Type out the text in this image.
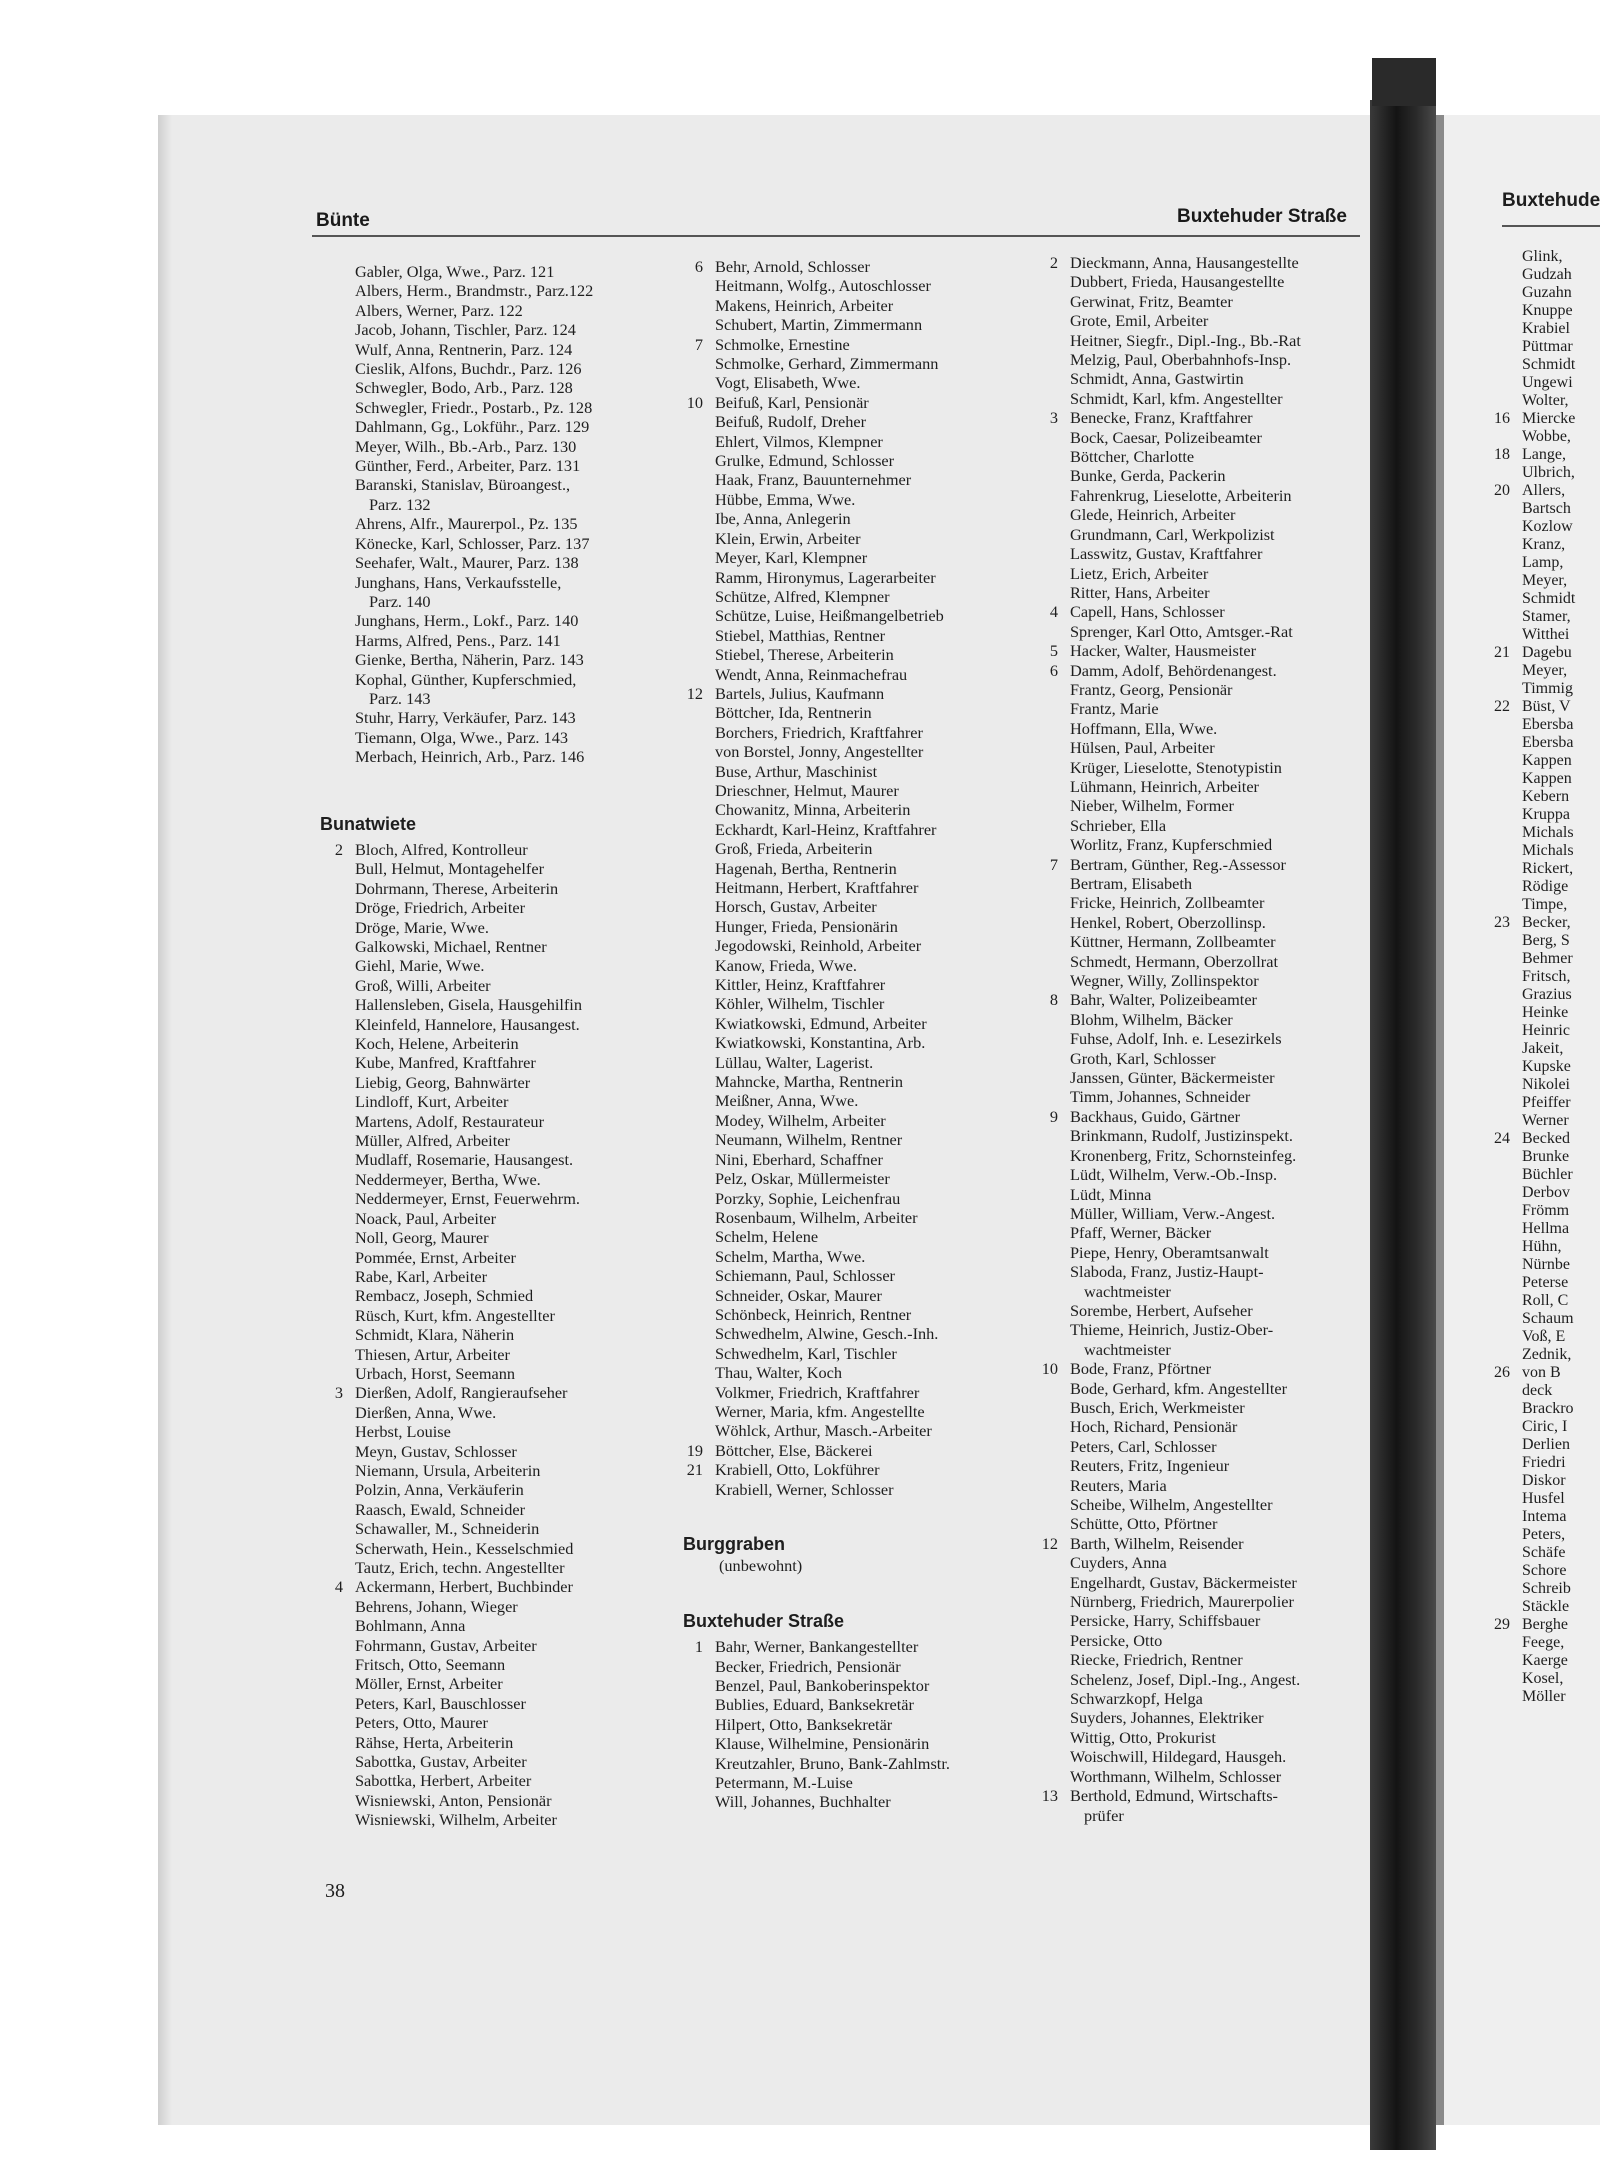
Buxtehude
Glink,
Gudzah
Guzahn
Knuppe
Krabiel
Püttmar
Schmidt
Ungewi
Wolter,
16 Miercke
Wobbe,
18 Lange,
Ulbrich,
20 Allers,
Bartsch
Kozlow
Kranz,
Lamp,
Meyer,
Schmidt
Stamer,
Witthei
21 Dagebu
Meyer,
Timmig
22 Büst, V
Ebersba
Ebersba
Kappen
Kappen
Kebern
Kruppa
Michals
Michals
Rickert,
Rödige
Timpe,
23 Becker,
Berg, S
Behmer
Fritsch,
Grazius
Heinke
Heinric
Jakeit,
Kupske
Nikolei
Pfeiffer
Werner
24 Becked
Brunke
Büchler
Derbov
Frömm
Hellma
Hühn,
Nürnbe
Peterse
Roll, C
Schaum
Voß, E
Zednik,
26 von B
deck
Brackro
Ciric, I
Derlien
Friedri
Diskor
Husfel
Intema
Peters,
Schäfe
Schore
Schreib
Stäckle
29 Berghe
Feege,
Kaerge
Kosel,
Möller
Bünte	Buxtehuder Straße
Gabler, Olga, Wwe., Parz. 121
Albers, Herm., Brandmstr., Parz.122
Albers, Werner, Parz. 122
Jacob, Johann, Tischler, Parz. 124
Wulf, Anna, Rentnerin, Parz. 124
Cieslik, Alfons, Buchdr., Parz. 126
Schwegler, Bodo, Arb., Parz. 128
Schwegler, Friedr., Postarb., Pz. 128
Dahlmann, Gg., Lokführ., Parz. 129
Meyer, Wilh., Bb.-Arb., Parz. 130
Günther, Ferd., Arbeiter, Parz. 131
Baranski, Stanislav, Büroangest.,
Parz. 132
Ahrens, Alfr., Maurerpol., Pz. 135
Könecke, Karl, Schlosser, Parz. 137
Seehafer, Walt., Maurer, Parz. 138
Junghans, Hans, Verkaufsstelle,
Parz. 140
Junghans, Herm., Lokf., Parz. 140
Harms, Alfred, Pens., Parz. 141
Gienke, Bertha, Näherin, Parz. 143
Kophal, Günther, Kupferschmied,
Parz. 143
Stuhr, Harry, Verkäufer, Parz. 143
Tiemann, Olga, Wwe., Parz. 143
Merbach, Heinrich, Arb., Parz. 146
Bunatwiete
2 Bloch, Alfred, Kontrolleur
Bull, Helmut, Montagehelfer
Dohrmann, Therese, Arbeiterin
Dröge, Friedrich, Arbeiter
Dröge, Marie, Wwe.
Galkowski, Michael, Rentner
Giehl, Marie, Wwe.
Groß, Willi, Arbeiter
Hallensleben, Gisela, Hausgehilfin
Kleinfeld, Hannelore, Hausangest.
Koch, Helene, Arbeiterin
Kube, Manfred, Kraftfahrer
Liebig, Georg, Bahnwärter
Lindloff, Kurt, Arbeiter
Martens, Adolf, Restaurateur
Müller, Alfred, Arbeiter
Mudlaff, Rosemarie, Hausangest.
Neddermeyer, Bertha, Wwe.
Neddermeyer, Ernst, Feuerwehrm.
Noack, Paul, Arbeiter
Noll, Georg, Maurer
Pommée, Ernst, Arbeiter
Rabe, Karl, Arbeiter
Rembacz, Joseph, Schmied
Rüsch, Kurt, kfm. Angestellter
Schmidt, Klara, Näherin
Thiesen, Artur, Arbeiter
Urbach, Horst, Seemann
3 Dierßen, Adolf, Rangieraufseher
Dierßen, Anna, Wwe.
Herbst, Louise
Meyn, Gustav, Schlosser
Niemann, Ursula, Arbeiterin
Polzin, Anna, Verkäuferin
Raasch, Ewald, Schneider
Schawaller, M., Schneiderin
Scherwath, Hein., Kesselschmied
Tautz, Erich, techn. Angestellter
4 Ackermann, Herbert, Buchbinder
Behrens, Johann, Wieger
Bohlmann, Anna
Fohrmann, Gustav, Arbeiter
Fritsch, Otto, Seemann
Möller, Ernst, Arbeiter
Peters, Karl, Bauschlosser
Peters, Otto, Maurer
Rähse, Herta, Arbeiterin
Sabottka, Gustav, Arbeiter
Sabottka, Herbert, Arbeiter
Wisniewski, Anton, Pensionär
Wisniewski, Wilhelm, Arbeiter
6 Behr, Arnold, Schlosser
Heitmann, Wolfg., Autoschlosser
Makens, Heinrich, Arbeiter
Schubert, Martin, Zimmermann
7 Schmolke, Ernestine
Schmolke, Gerhard, Zimmermann
Vogt, Elisabeth, Wwe.
10 Beifuß, Karl, Pensionär
Beifuß, Rudolf, Dreher
Ehlert, Vilmos, Klempner
Grulke, Edmund, Schlosser
Haak, Franz, Bauunternehmer
Hübbe, Emma, Wwe.
Ibe, Anna, Anlegerin
Klein, Erwin, Arbeiter
Meyer, Karl, Klempner
Ramm, Hironymus, Lagerarbeiter
Schütze, Alfred, Klempner
Schütze, Luise, Heißmangelbetrieb
Stiebel, Matthias, Rentner
Stiebel, Therese, Arbeiterin
Wendt, Anna, Reinmachefrau
12 Bartels, Julius, Kaufmann
Böttcher, Ida, Rentnerin
Borchers, Friedrich, Kraftfahrer
von Borstel, Jonny, Angestellter
Buse, Arthur, Maschinist
Drieschner, Helmut, Maurer
Chowanitz, Minna, Arbeiterin
Eckhardt, Karl-Heinz, Kraftfahrer
Groß, Frieda, Arbeiterin
Hagenah, Bertha, Rentnerin
Heitmann, Herbert, Kraftfahrer
Horsch, Gustav, Arbeiter
Hunger, Frieda, Pensionärin
Jegodowski, Reinhold, Arbeiter
Kanow, Frieda, Wwe.
Kittler, Heinz, Kraftfahrer
Köhler, Wilhelm, Tischler
Kwiatkowski, Edmund, Arbeiter
Kwiatkowski, Konstantina, Arb.
Lüllau, Walter, Lagerist.
Mahncke, Martha, Rentnerin
Meißner, Anna, Wwe.
Modey, Wilhelm, Arbeiter
Neumann, Wilhelm, Rentner
Nini, Eberhard, Schaffner
Pelz, Oskar, Müllermeister
Porzky, Sophie, Leichenfrau
Rosenbaum, Wilhelm, Arbeiter
Schelm, Helene
Schelm, Martha, Wwe.
Schiemann, Paul, Schlosser
Schneider, Oskar, Maurer
Schönbeck, Heinrich, Rentner
Schwedhelm, Alwine, Gesch.-Inh.
Schwedhelm, Karl, Tischler
Thau, Walter, Koch
Volkmer, Friedrich, Kraftfahrer
Werner, Maria, kfm. Angestellte
Wöhlck, Arthur, Masch.-Arbeiter
19 Böttcher, Else, Bäckerei
21 Krabiell, Otto, Lokführer
Krabiell, Werner, Schlosser
Burggraben
(unbewohnt)
Buxtehuder Straße
1 Bahr, Werner, Bankangestellter
Becker, Friedrich, Pensionär
Benzel, Paul, Bankoberinspektor
Bublies, Eduard, Banksekretär
Hilpert, Otto, Banksekretär
Klause, Wilhelmine, Pensionärin
Kreutzahler, Bruno, Bank-Zahlmstr.
Petermann, M.-Luise
Will, Johannes, Buchhalter
2 Dieckmann, Anna, Hausangestellte
Dubbert, Frieda, Hausangestellte
Gerwinat, Fritz, Beamter
Grote, Emil, Arbeiter
Heitner, Siegfr., Dipl.-Ing., Bb.-Rat
Melzig, Paul, Oberbahnhofs-Insp.
Schmidt, Anna, Gastwirtin
Schmidt, Karl, kfm. Angestellter
3 Benecke, Franz, Kraftfahrer
Bock, Caesar, Polizeibeamter
Böttcher, Charlotte
Bunke, Gerda, Packerin
Fahrenkrug, Lieselotte, Arbeiterin
Glede, Heinrich, Arbeiter
Grundmann, Carl, Werkpolizist
Lasswitz, Gustav, Kraftfahrer
Lietz, Erich, Arbeiter
Ritter, Hans, Arbeiter
4 Capell, Hans, Schlosser
Sprenger, Karl Otto, Amtsger.-Rat
5 Hacker, Walter, Hausmeister
6 Damm, Adolf, Behördenangest.
Frantz, Georg, Pensionär
Frantz, Marie
Hoffmann, Ella, Wwe.
Hülsen, Paul, Arbeiter
Krüger, Lieselotte, Stenotypistin
Lühmann, Heinrich, Arbeiter
Nieber, Wilhelm, Former
Schrieber, Ella
Worlitz, Franz, Kupferschmied
7 Bertram, Günther, Reg.-Assessor
Bertram, Elisabeth
Fricke, Heinrich, Zollbeamter
Henkel, Robert, Oberzollinsp.
Küttner, Hermann, Zollbeamter
Schmedt, Hermann, Oberzollrat
Wegner, Willy, Zollinspektor
8 Bahr, Walter, Polizeibeamter
Blohm, Wilhelm, Bäcker
Fuhse, Adolf, Inh. e. Lesezirkels
Groth, Karl, Schlosser
Janssen, Günter, Bäckermeister
Timm, Johannes, Schneider
9 Backhaus, Guido, Gärtner
Brinkmann, Rudolf, Justizinspekt.
Kronenberg, Fritz, Schornsteinfeg.
Lüdt, Wilhelm, Verw.-Ob.-Insp.
Lüdt, Minna
Müller, William, Verw.-Angest.
Pfaff, Werner, Bäcker
Piepe, Henry, Oberamtsanwalt
Slaboda, Franz, Justiz-Haupt-
wachtmeister
Sorembe, Herbert, Aufseher
Thieme, Heinrich, Justiz-Ober-
wachtmeister
10 Bode, Franz, Pförtner
Bode, Gerhard, kfm. Angestellter
Busch, Erich, Werkmeister
Hoch, Richard, Pensionär
Peters, Carl, Schlosser
Reuters, Fritz, Ingenieur
Reuters, Maria
Scheibe, Wilhelm, Angestellter
Schütte, Otto, Pförtner
12 Barth, Wilhelm, Reisender
Cuyders, Anna
Engelhardt, Gustav, Bäckermeister
Nürnberg, Friedrich, Maurerpolier
Persicke, Harry, Schiffsbauer
Persicke, Otto
Riecke, Friedrich, Rentner
Schelenz, Josef, Dipl.-Ing., Angest.
Schwarzkopf, Helga
Suyders, Johannes, Elektriker
Wittig, Otto, Prokurist
Woischwill, Hildegard, Hausgeh.
Worthmann, Wilhelm, Schlosser
13 Berthold, Edmund, Wirtschafts-
prüfer
38
